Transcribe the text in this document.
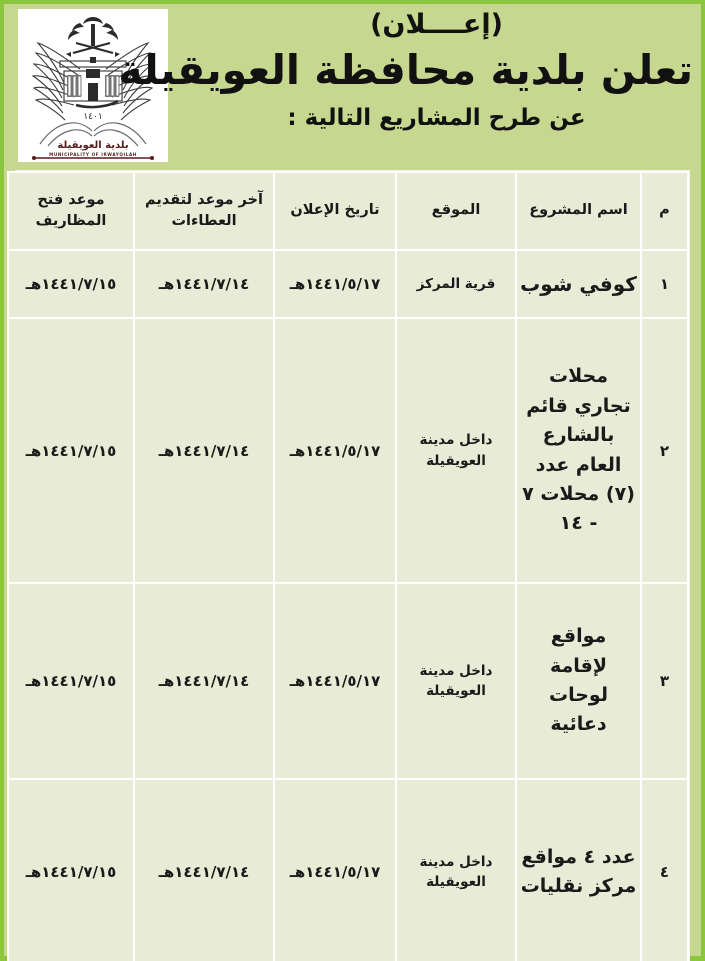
١٤٠١
بلدية العويقيلة
MUNICIPALITY OF IRWAYQILAH
(إعــــلان)
تعلن بلدية محافظة العويقيلة
عن طرح المشاريع التالية :
م	اسم المشروع	الموقع	تاريخ الإعلان	آخر موعد لتقديم العطاءات	موعد فتح المظاريف
١	كوفي شوب	قرية المركز	١٤٤١/٥/١٧هـ	١٤٤١/٧/١٤هـ	١٤٤١/٧/١٥هـ
٢	محلات تجاري قائم بالشارع العام عدد (٧) محلات ٧ - ١٤	داخل مدينة العويقيلة	١٤٤١/٥/١٧هـ	١٤٤١/٧/١٤هـ	١٤٤١/٧/١٥هـ
٣	مواقع لإقامة لوحات دعائية	داخل مدينة العويقيلة	١٤٤١/٥/١٧هـ	١٤٤١/٧/١٤هـ	١٤٤١/٧/١٥هـ
٤	عدد ٤ مواقع مركز نقليات	داخل مدينة العويقيلة	١٤٤١/٥/١٧هـ	١٤٤١/٧/١٤هـ	١٤٤١/٧/١٥هـ
